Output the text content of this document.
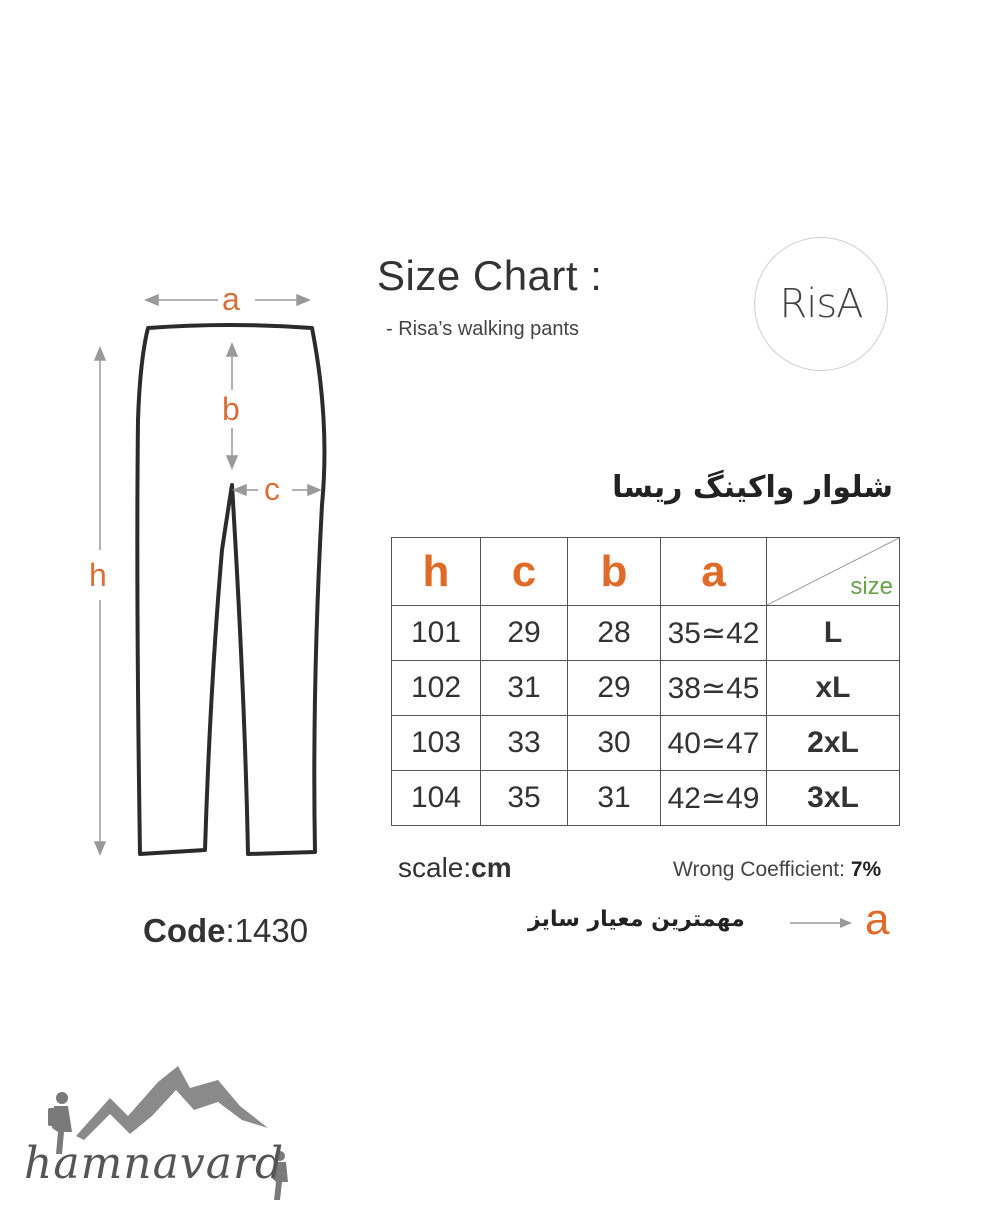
a
b
c
h
Size Chart :
- Risa’s walking pants
RisA
شلوار واکینگ ریسا
h	c	b	a	size

101	29	28	35≃42	L
102	31	29	38≃45	xL
103	33	30	40≃47	2xL
104	35	31	42≃49	3xL
scale:cm	Wrong Coefficient: 7%
مهمترین معیار سایز	a
Code:1430
hamnavard
